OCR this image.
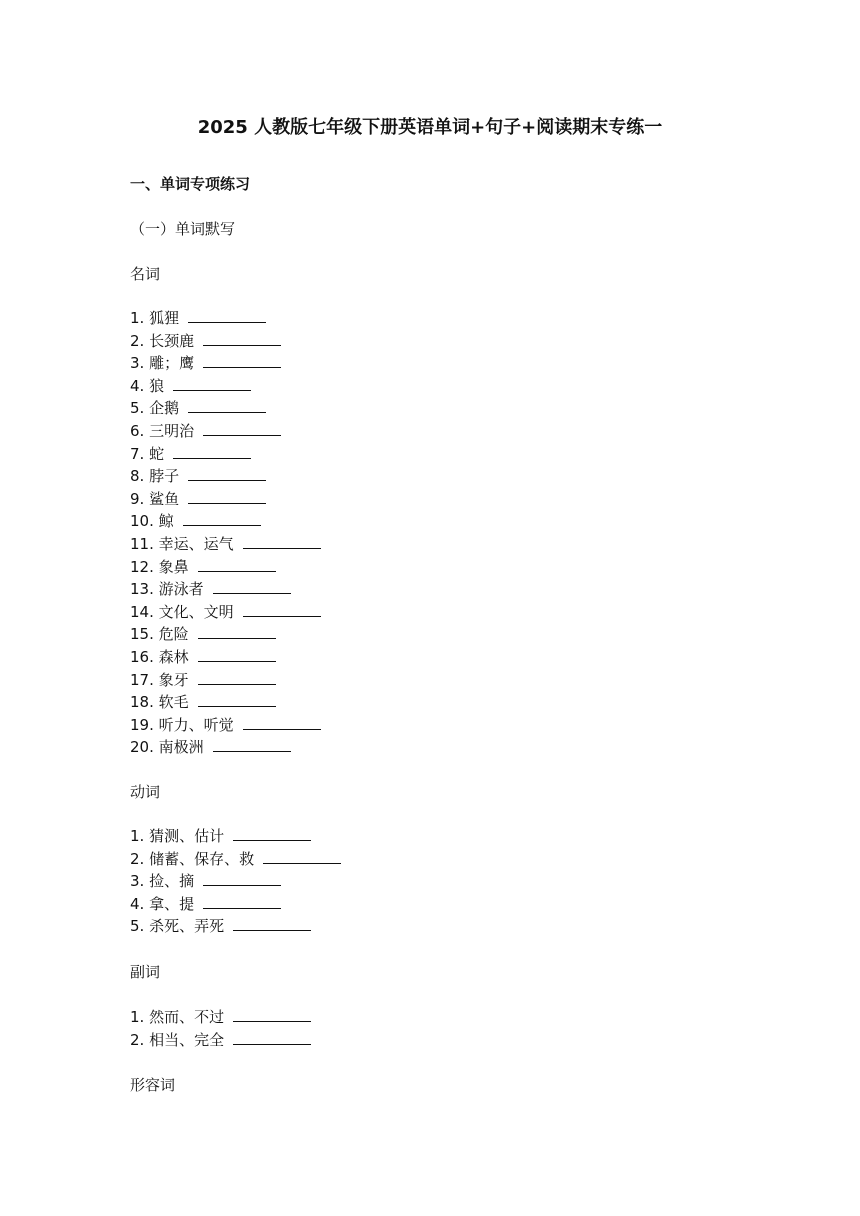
2025 人教版七年级下册英语单词+句子+阅读期末专练一
一、单词专项练习
（一）单词默写
名词
1. 狐狸
2. 长颈鹿
3. 雕；鹰
4. 狼
5. 企鹅
6. 三明治
7. 蛇
8. 脖子
9. 鲨鱼
10. 鲸
11. 幸运、运气
12. 象鼻
13. 游泳者
14. 文化、文明
15. 危险
16. 森林
17. 象牙
18. 软毛
19. 听力、听觉
20. 南极洲
动词
1. 猜测、估计
2. 储蓄、保存、救
3. 捡、摘
4. 拿、提
5. 杀死、弄死
副词
1. 然而、不过
2. 相当、完全
形容词
